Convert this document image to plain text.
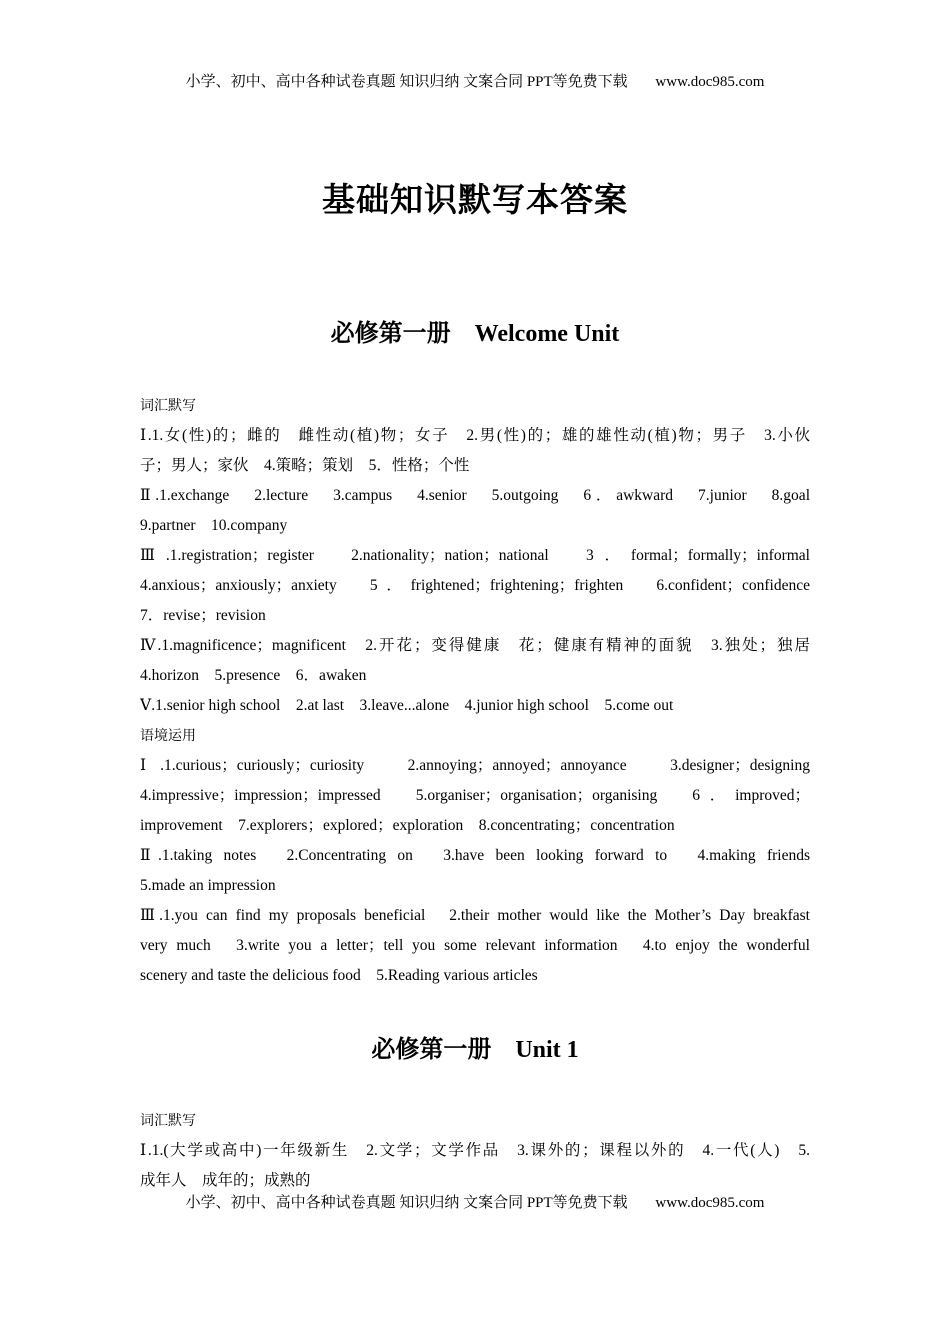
小学、初中、高中各种试卷真题 知识归纳 文案合同 PPT等免费下载 www.doc985.com
基础知识默写本答案
必修第一册　Welcome Unit
词汇默写
Ⅰ.1.女(性)的；雌的　雌性动(植)物；女子　2.男(性)的；雄的雄性动(植)物；男子　3.小伙
子；男人；家伙　4.策略；策划　5．性格；个性
Ⅱ.1.exchange　2.lecture　3.campus　4.senior　5.outgoing　6．awkward　7.junior　8.goal
9.partner　10.company
Ⅲ.1.registration；register　2.nationality；nation；national　3．formal；formally；informal
4.anxious；anxiously；anxiety　5．frightened；frightening；frighten　6.confident；confidence
7．revise；revision
Ⅳ.1.magnificence；magnificent　2.开花；变得健康　花；健康有精神的面貌　3.独处；独居
4.horizon　5.presence　6．awaken
Ⅴ.1.senior high school　2.at last　3.leave...alone　4.junior high school　5.come out
语境运用
Ⅰ.1.curious；curiously；curiosity　2.annoying；annoyed；annoyance　3.designer；designing
4.impressive；impression；impressed　5.organiser；organisation；organising　6．improved；
improvement　7.explorers；explored；exploration　8.concentrating；concentration
Ⅱ.1.taking notes　2.Concentrating on　3.have been looking forward to　4.making friends
5.made an impression
Ⅲ.1.you can find my proposals beneficial　2.their mother would like the Mother’s Day breakfast
very much　3.write you a letter；tell you some relevant information　4.to enjoy the wonderful
scenery and taste the delicious food　5.Reading various articles
必修第一册　Unit 1
词汇默写
Ⅰ.1.(大学或高中)一年级新生　2.文学；文学作品　3.课外的；课程以外的　4.一代(人)　5.
成年人　成年的；成熟的
小学、初中、高中各种试卷真题 知识归纳 文案合同 PPT等免费下载 www.doc985.com
